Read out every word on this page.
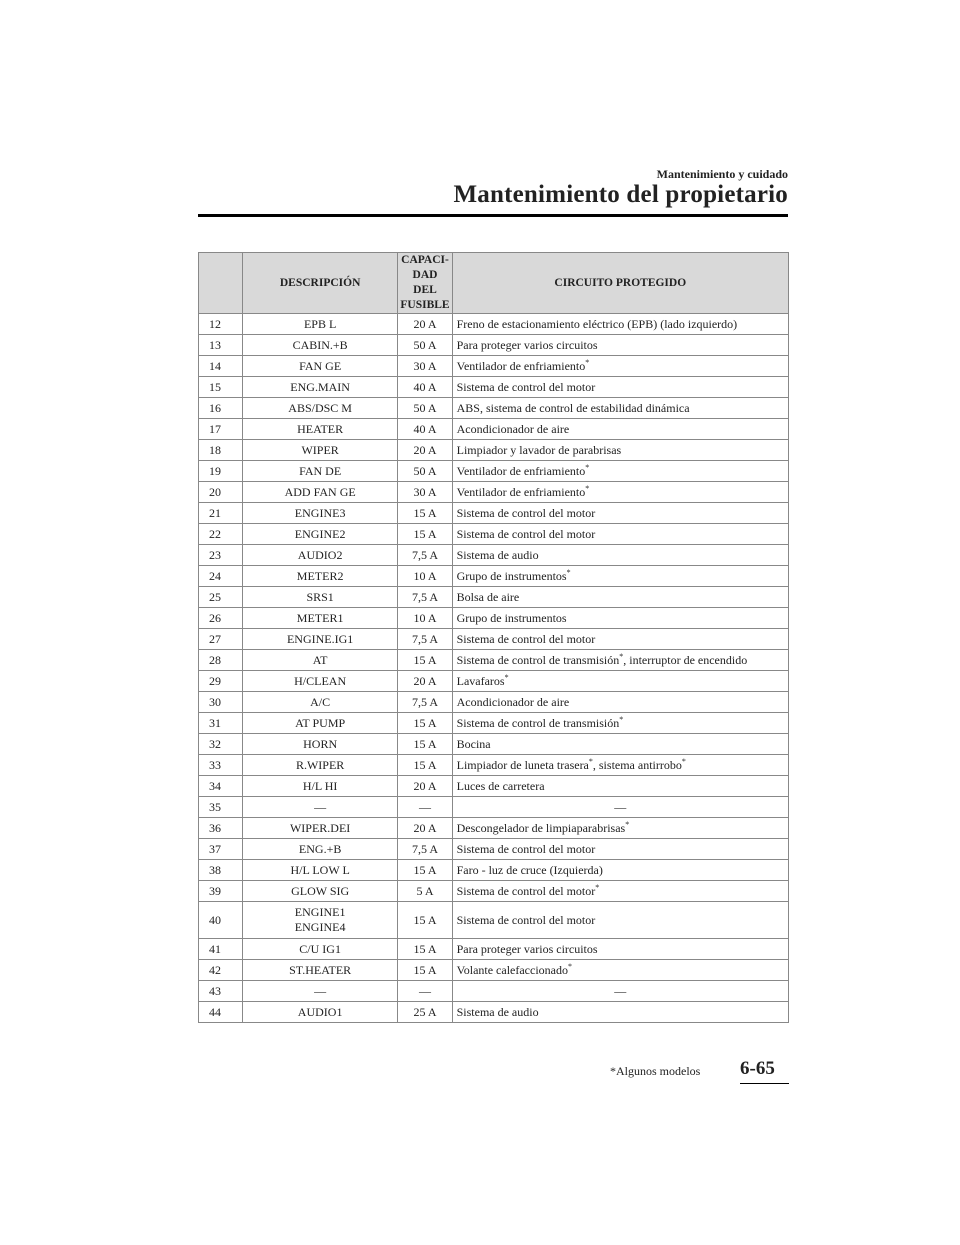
Mantenimiento y cuidado
Mantenimiento del propietario
	DESCRIPCIÓN	CAPACI-
DAD DEL
FUSIBLE	CIRCUITO PROTEGIDO
12	EPB L	20 A	Freno de estacionamiento eléctrico (EPB) (lado izquierdo)
13	CABIN.+B	50 A	Para proteger varios circuitos
14	FAN GE	30 A	Ventilador de enfriamiento*
15	ENG.MAIN	40 A	Sistema de control del motor
16	ABS/DSC M	50 A	ABS, sistema de control de estabilidad dinámica
17	HEATER	40 A	Acondicionador de aire
18	WIPER	20 A	Limpiador y lavador de parabrisas
19	FAN DE	50 A	Ventilador de enfriamiento*
20	ADD FAN GE	30 A	Ventilador de enfriamiento*
21	ENGINE3	15 A	Sistema de control del motor
22	ENGINE2	15 A	Sistema de control del motor
23	AUDIO2	7,5 A	Sistema de audio
24	METER2	10 A	Grupo de instrumentos*
25	SRS1	7,5 A	Bolsa de aire
26	METER1	10 A	Grupo de instrumentos
27	ENGINE.IG1	7,5 A	Sistema de control del motor
28	AT	15 A	Sistema de control de transmisión*, interruptor de encendido
29	H/CLEAN	20 A	Lavafaros*
30	A/C	7,5 A	Acondicionador de aire
31	AT PUMP	15 A	Sistema de control de transmisión*
32	HORN	15 A	Bocina
33	R.WIPER	15 A	Limpiador de luneta trasera*, sistema antirrobo*
34	H/L HI	20 A	Luces de carretera
35	—	—	—
36	WIPER.DEI	20 A	Descongelador de limpiaparabrisas*
37	ENG.+B	7,5 A	Sistema de control del motor
38	H/L LOW L	15 A	Faro - luz de cruce (Izquierda)
39	GLOW SIG	5 A	Sistema de control del motor*
40	ENGINE1
ENGINE4	15 A	Sistema de control del motor
41	C/U IG1	15 A	Para proteger varios circuitos
42	ST.HEATER	15 A	Volante calefaccionado*
43	—	—	—
44	AUDIO1	25 A	Sistema de audio
*Algunos modelos 6-65
